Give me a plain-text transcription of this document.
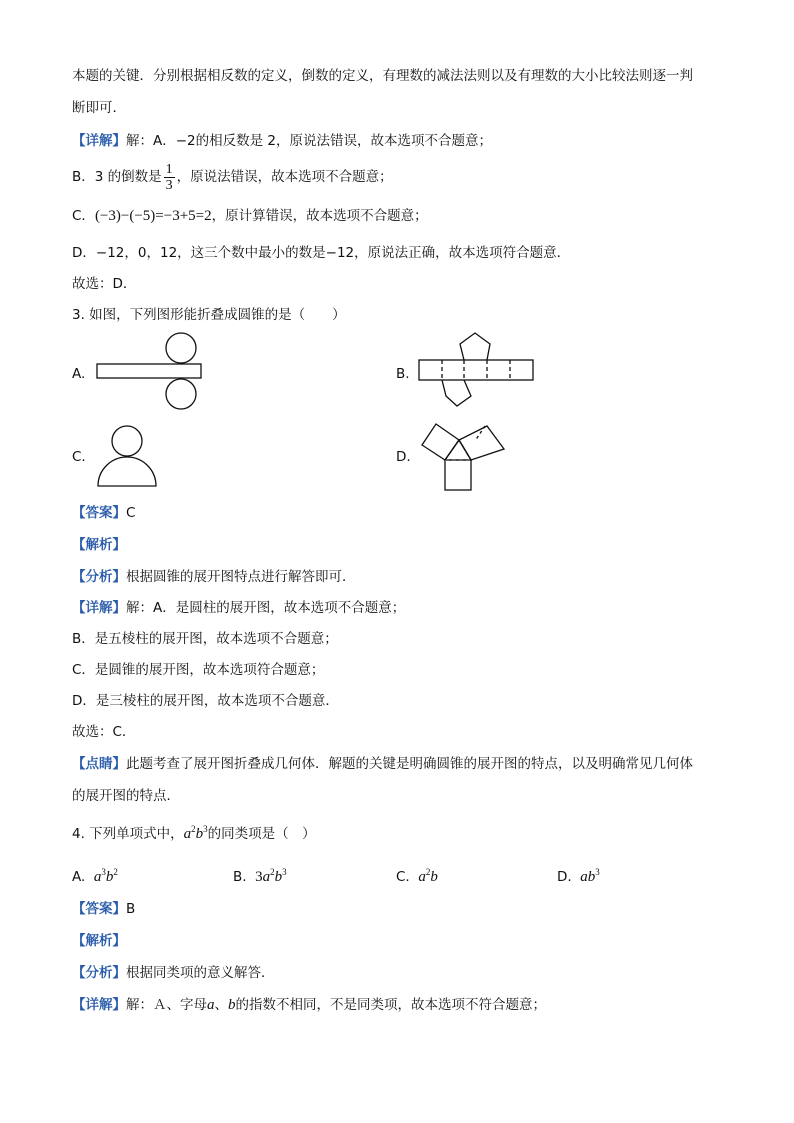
本题的关键．分别根据相反数的定义，倒数的定义，有理数的减法法则以及有理数的大小比较法则逐一判
断即可．
【详解】解：A．−2的相反数是 2，原说法错误，故本选项不合题意；
B．3 的倒数是 $\frac{1}{3}$ ，原说法错误，故本选项不合题意；
C．(−3)−(−5)=−3+5=2，原计算错误，故本选项不合题意；
D．−12，0，12，这三个数中最小的数是−12，原说法正确，故本选项符合题意．
故选：D．
3. 如图，下列图形能折叠成圆锥的是（　　）
A.	B.
C.	D.
【答案】C
【解析】
【分析】根据圆锥的展开图特点进行解答即可．
【详解】解：A．是圆柱的展开图，故本选项不合题意；
B．是五棱柱的展开图，故本选项不合题意；
C．是圆锥的展开图，故本选项符合题意；
D．是三棱柱的展开图，故本选项不合题意．
故选：C．
【点睛】此题考查了展开图折叠成几何体．解题的关键是明确圆锥的展开图的特点，以及明确常见几何体
的展开图的特点．
4. 下列单项式中，$a^2b^3$的同类项是（　）
A. $a^3b^2$	B. $3a^2b^3$	C. $a^2b$	D. $ab^3$
【答案】B
【解析】
【分析】根据同类项的意义解答．
【详解】解：Ａ、字母a、b的指数不相同，不是同类项，故本选项不符合题意；
